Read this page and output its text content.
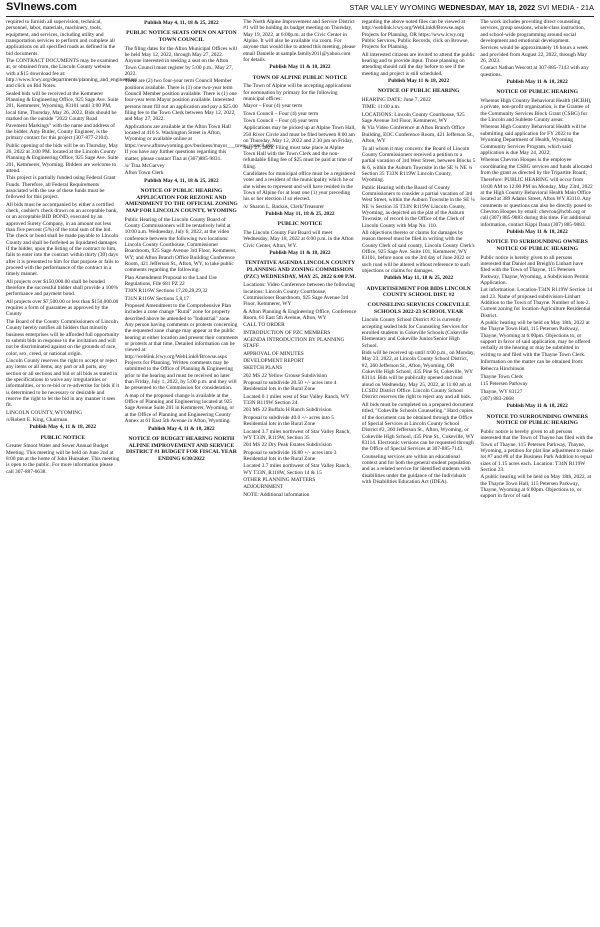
SVInews.com	STAR VALLEY WYOMING WEDNESDAY, MAY 18, 2022 SVI MEDIA - 21A

required to furnish all supervision, technical, personnel, labor, materials, machinery, tools, equipment, and services, including utility and transportation services to perform and complete all applications on all specified roads as defined in the bid documents.

The CONTRACT DOCUMENTS may be examined at, or obtained from, the Lincoln County website with a $15 download fee at: http://www.lcwy.org/departments/planning_and_engineering/ and click on Bid Notes.

Sealed bids will be received at the Kemmerer Planning & Engineering Office, 925 Sage Ave. Suite 201, Kemmerer, Wyoming, 83101 until 3:00 PM, local time, Thursday, May 26, 2022. Bids should be marked on the outside "2022 County Road Pavement Markings" with the name and address of the bidder. Amy Butler, County Engineer, is the primary contact for this project (307-877-2104).

Public opening of the bids will be on Thursday, May 26, 2022 at 3:00 PM. located at the Lincoln County Planning & Engineering Office, 925 Sage Ave. Suite 201, Kemmerer, Wyoming. Bidders are welcome to attend.

This project is partially funded using Federal Grant Funds. Therefore, all Federal Requirements associated with the use of these funds must be followed for this project.

All bids must be accompanied by either a certified check, cashier's check drawn on an acceptable bank, or an acceptable BID BOND, executed by an approved Surety Company, in an amount not less than five percent (5%) of the total sum of the bid. The check or bond shall be made payable to Lincoln County and shall be forfeited as liquidated damages if the bidder, upon the listing of the contract to him, fails to enter into the contract within thirty (30) days after it is presented to him for that purpose or fails to proceed with the performance of the contract in a timely manner.

All projects over $150,000.00 shall be bonded therefore the successful bidder shall provide a 100% performance and payment bond.

All projects over $7,500.00 or less than $150,000.00 requires a form of guarantee as approved by the County

The Board of the County Commissioners of Lincoln County hereby notifies all bidders that minority business enterprises will be afforded full opportunity to submit bids in response to the invitation and will not be discriminated against on the grounds of race, color, sex, creed, or national origin.

Lincoln County reserves the right to accept or reject any items or all items, any part or all parts, any section or all sections and bid or all bids as stated in the specifications to waive any irregularities or informalities, or to re-bid or re-advertise for bids if it is determined to be necessary or desirable and reserve the right to let the bid in any manner it sees fit.

LINCOLN COUNTY, WYOMING

/s/Robert E. King, Chairman

Publish May 4, 11 & 18, 2022

PUBLIC NOTICE

Greater Smoot Water and Sewer Annual Budget Meeting. This meeting will be held on June 2nd at 8:00 pm at the home of John Hunsaker. This meeting is open to the public. For more information please call 307-887-6638.

Publish May 4, 11, 18 & 25, 2022

PUBLIC NOTICE SEATS OPEN ON AFTON TOWN COUNCIL

The filing dates for the Afton Municipal Offices will be held May 12, 2022, through May 27, 2022. Anyone interested in seeking a seat on the Afton Town Council must register by 5:00 p.m., May 27, 2022.

There are (2) two four-year term Council Member positions available. There is (1) one two-year term Council Member position available. There is (1) one four-year term Mayor position available. Interested persons must fill out an application and pay a $25.00 filing fee to the Town Clerk between May 12, 2022, and May 27, 2022.

Applications are available at the Afton Town Hall located at 416 S. Washington Street in Afton, Wyoming or available online at https://www.aftonwyoming.gov/business/mayor___town_council.php. If you have any further questions regarding this matter, please contact Tina at (307)885-9831.

/s/ Tina McGarvey

Afton Town Clerk

Publish May 4, 11, 18 & 25, 2022

NOTICE OF PUBLIC HEARING APPLICATION FOR REZONE AND AMENDMENT TO THE OFFICIAL ZONING MAP FOR LINCOLN COUNTY, WYOMING

Public Hearing of the Lincoln County Board of County Commissioners will be tentatively held at 10:00 a.m. Wednesday, July 6, 2022, at the video conference between the following two locations: Lincoln County Courthouse, Commissioner Boardroom, 925 Sage Avenue 3rd Floor, Kemmerer, WY; and Afton Branch Office Building Conference Room, 421 Jefferson St., Afton, WY, to take public comments regarding the following:

Plan Amendment Proposal to the Land Use Regulations, File 681 PZ 22

T30N R116W Sections 17,20,28,29,32

T31N R116W Sections 5,8,17

Proposed Amendment to the Comprehensive Plan includes a zone change "Rural" zone for property described above be amended to "Industrial" zone. Any person having comments or protests concerning the requested zone change may appear at the public hearing at either location and present their comments or protests at that time. Detailed information can be viewed at: http://weblink.lcwy.org/WebLink8/Browse.aspx Projects for Planning. Written comments may be submitted to the Office of Planning & Engineering prior to the hearing and must be received no later than Friday, July 1, 2022, by 5:00 p.m. and they will be presented to the Commission for consideration.

A map of the proposed change is available at the Office of Planning and Engineering located at 925 Sage Avenue Suite 201 in Kemmerer, Wyoming, or at the Office of Planning and Engineering County Annex at 61 East 5th Avenue in Afton, Wyoming.

Publish May 4, 11 & 18, 2022

NOTICE OF BUDGET HEARING NORTH ALPINE IMPROVEMENT AND SERVICE DISTRICT #1 BUDGET FOR FISCAL YEAR ENDING 6/30/2022

The North Alpine Improvement and Service District #1 will be holding its budget meeting on Thursday, May 19, 2022, at 6:00p.m. at the Civic Center in Alpine. It will also be available via zoom. For anyone that would like to attend this meeting, please email Danielle at sample.family2011@yahoo.com for details.

Publish May 11 & 18, 2022

TOWN OF ALPINE PUBLIC NOTICE

The Town of Alpine will be accepting applications for nomination by primary for the following municipal offices:

Mayor – Four (4) year term

Town Council – Four (4) year term

Town Council – Four (4) year term

Applications may be picked up at Alpine Town Hall, 250 River Circle and must be filed between 8:00 am on Thursday, May 12, 2022 and 2:30 pm on Friday, May 27, 2022. Filing must take place at Alpine Town Hall with the Town Clerk and the non-refundable filing fee of $25 must be paid at time of filing.

Candidates for municipal office must be a registered voter and a resident of the municipality which he or she wishes to represent and will have resided in the Town of Alpine for at least one (1) year preceding his or her election if so elected.

/s/ Sharon L. Backus, Clerk/Treasurer

Publish May 11, 18 & 25, 2022

PUBLIC NOTICE

The Lincoln County Fair Board will meet Wednesday, May 18, 2022 at 6:00 p.m. in the Afton Civic Center, Afton, WY.

Publish May 11 & 18, 2022

TENTATIVE AGENDA LINCOLN COUNTY PLANNING AND ZONING COMMISSION (PZC) WEDNESDAY, MAY 25, 2022 6:00 P.M.

Locations: Video Conference between the following locations: Lincoln County Courthouse, Commissioner Boardroom, 925 Sage Avenue 3rd Floor, Kemmerer, WY

& Afton Planning & Engineering Office, Conference Room, 61 East 5th Avenue, Afton, WY

CALL TO ORDER

INTRODUCTION OF PZC MEMBERS

AGENDA INTRODUCTION BY PLANNING STAFF

APPROVAL OF MINUTES

DEVELOPMENT REPORT

SKETCH PLANS

202 MS 22 Yellow Grouse Subdivision

Proposal to subdivide 20.50 +/- acres into 4 Residential lots in the Rural Zone

Located 0.1 miles west of Star Valley Ranch, WY T33N R119W Section 24

203 MS 22 Buffalo H Ranch Subdivision

Proposal to subdivide 40.0 +/- acres into 5 Residential lots in the Rural Zone

Located 3.7 miles northwest of Star Valley Ranch, WY T33N, R119W, Section 35

204 MS 22 Dry Peak Estates Subdivision

Proposal to subdivide 16.80 +/- acres into 3 Residential lots in the Rural Zone

Located 3.7 miles northwest of Star Valley Ranch, WY T33N, R118W, Section 14 & 15

OTHER PLANNING MATTERS

ADJOURNMENT

NOTE: Additional information

regarding the above noted files can be viewed at http://weblink.lcwy.org/WebLink8/Browse.aspx Projects for Planning, OR https://www.lcwy.org Public Services, Public Records, click on Browse, Projects for Planning.

All interested citizens are invited to attend the public hearing and to provide input. Those planning on attending should call the day before to see if the meeting and project is still scheduled.

Publish May 11 & 18, 2022

NOTICE OF PUBLIC HEARING

HEARING DATE: June 7, 2022

TIME: 11:00 a.m.

LOCATIONS: Lincoln County Courthouse, 925 Sage Avenue 3rd Floor, Kemmerer, WY

& Via Video Conference at Afton Branch Office Building, EOC Conference Room, 421 Jefferson St., Afton, WY

To all whom it may concern: the Board of Lincoln County Commissioners received a petition to a partial vacation of 3rd West Street, between Blocks 5 & 6, within the Auburn Townsite in the SE ¼ NE ¼ Section 35 T33N R119W Lincoln County, Wyoming.

Public Hearing with the Board of County Commissioners to consider a partial vacation of 3rd West Street, within the Auburn Townsite in the SE ¼ NE ¼ Section 35 T33N R119W Lincoln County, Wyoming, as depicted on the plat of the Auburn Townsite, of record in the Office of the Clerk of Lincoln County with Map No. 110.

All objections thereto or claims for damages by reason thereof must be filed in writing with the County Clerk of said county, Lincoln County Clerk's Office, 925 Sage Ave. Suite 101, Kemmerer, WY 83101, before noon on the 3rd day of June 2022 or such road will be altered without reference to such objections or claims for damages.

Publish May 11, 18 & 25, 2022

ADVERTISEMENT FOR BIDS LINCOLN COUNTY SCHOOL DIST. #2

COUNSELING SERVICES COKEVILLE SCHOOLS 2022-23 SCHOOL YEAR

Lincoln County School District #2 is currently accepting sealed bids for Counseling Services for enrolled students in Cokeville Schools (Cokeville Elementary and Cokeville Junior/Senior High School.

Bids will be received up until 4:00 p.m., on Monday, May 23, 2022, at Lincoln County School District, #2, 360 Jefferson St., Afton, Wyoming, OR Cokeville High School, 435 Pine St, Cokeville, WY 83114. Bids will be publically opened and read aloud on Wednesday, May 25, 2022, at 11:00 am at LCSD2 District Office. Lincoln County School District reserves the right to reject any and all bids.

All bids must be completed on a prepared document titled, "Cokeville Schools Counseling." Hard copies of the document can be obtained through the Office of Special Services at Lincoln County School District #2, 360 Jefferson St., Afton, Wyoming, or Cokeville High School, 435 Pine St., Cokeville, WY 83114. Electronic versions can be requested through the Office of Special Services at 307-885-7143.

Counseling services are within an educational context and for both the general student population and as a related service for identified students with disabilities under the guidance of the Individuals with Disabilities Education Act (IDEA).

The work includes providing direct counseling services, group sessions, whole-class instruction, and school-wide programming around social development and emotional development.

Services would be approximately 16 hours a week and provided from August 22, 2022, through May 26, 2023.

Contact Nathan Wescott at 307-885-7143 with any questions.

Publish May 11 & 18, 2022

NOTICE OF PUBLIC HEARING

Whereas High Country Behavioral Health (HCBH), a private, non-profit organization, is the Grantee of the Community Services Block Grant (CSBG) for the Lincoln and Sublette County areas:

Whereas High Country Behavioral Health will be submitting said application for FY 2022 to the Wyoming Department of Health, Wyoming Community Services Program, which said application is due May 24, 2022;

Whereas Chevron Hoopes is the employee coordinating the CSBG services and funds allocated from the grant as directed by the Tripartite Board;

Therefore: PUBLIC HEARING will occur from 10:00 AM to 12:00 PM on Monday, May 23rd, 2022 at the High Country Behavioral Health Main Office located at 389 Adams Street, Afton WY 83110. Any comments or questions can also be directly posed to Chevron Hoopes by email: chevron@hcbh.org or call (307) 885-9883 during this time. For additional information, contact Kippi Dana (307) 885-9883.

Publish May 11 & 18, 2022

NOTICE TO SURROUNDING OWNERS NOTICE OF PUBLIC HEARING

Public notice is hereby given to all persons interested that Daniel and Breigh'n Linhart have filed with the Town of Thayne, 115 Petersen Parkway, Thayne, Wyoming, a Subdivision Permit Application.

Lot information: Location-T34N R119W Section 14 and 23. Name of proposed subdivision-Linhart Addition to the Town of Thayne. Number of lots-2. Current zoning for location-Agriculture Residential District.

A public hearing will be held on May 18th, 2022 at the Thayne Town Hall, 115 Petersen Parkway, Thayne, Wyoming at 6:00pm. Objections to, or support in favor of said application, may be offered verbally at the hearing or may be submitted in writing to and filed with the Thayne Town Clerk.

Information on the matter can be obtained from:

Rebecca Hinchinson

Thayne Town Clerk

115 Petersen Parkway

Thayne, WY 83127

(307) 883-2668

Publish May 11 & 18, 2022

NOTICE TO SURROUNDING OWNERS NOTICE OF PUBLIC HEARING

Public notice is hereby given to all persons interested that the Town of Thayne has filed with the Town of Thayne, 115 Petersen Parkway, Thayne, Wyoming, a petition for plat line adjustment to make lot #7 and #8 of the Business Park Addition to equal sizes of 1.15 acres each. Location: T34N R119W Section 23.

A public hearing will be held on May 18th, 2022, at the Thayne Town Hall, 115 Petersen Parkway, Thayne, Wyoming at 6:00pm. Objections to, or support in favor of said
